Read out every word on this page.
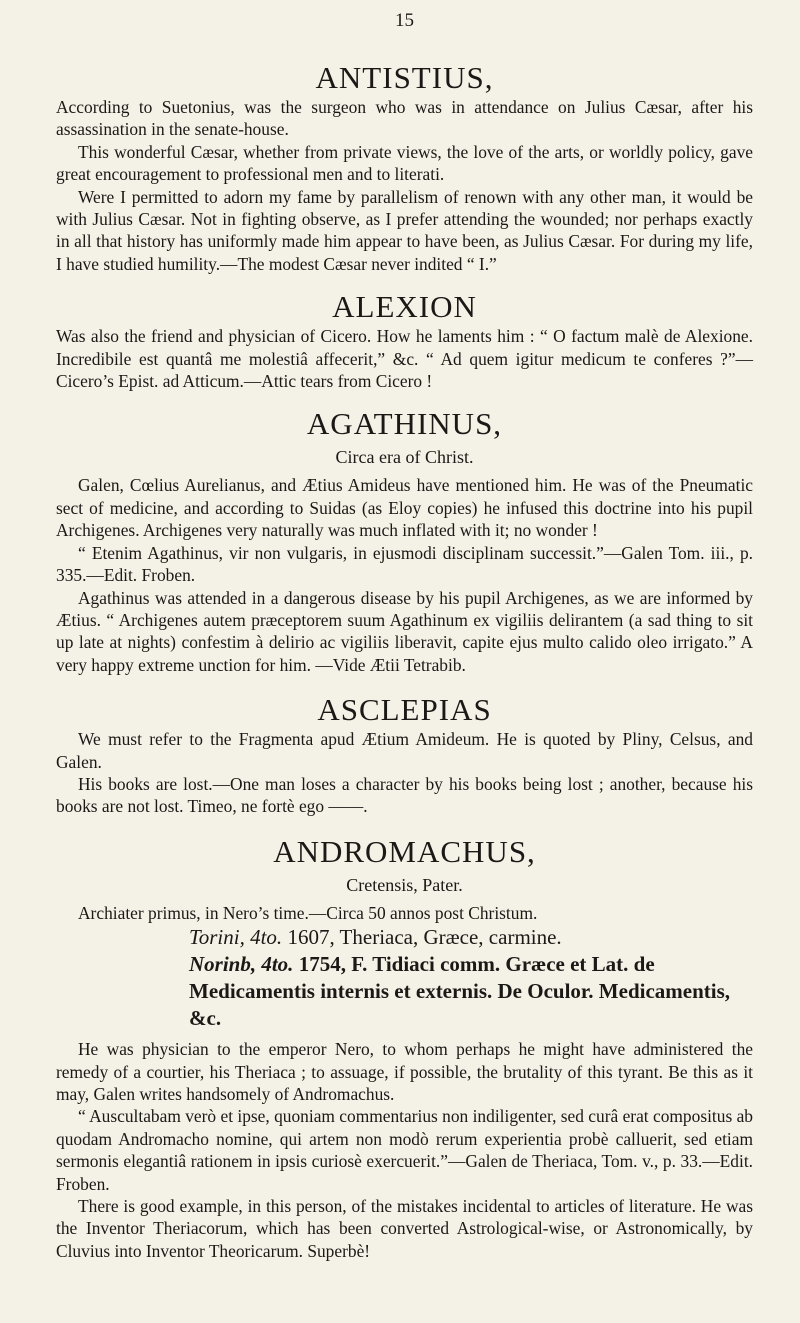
15
ANTISTIUS,

According to Suetonius, was the surgeon who was in attendance on Julius Cæsar, after his assassination in the senate-house.

This wonderful Cæsar, whether from private views, the love of the arts, or worldly policy, gave great encouragement to professional men and to literati.

Were I permitted to adorn my fame by parallelism of renown with any other man, it would be with Julius Cæsar. Not in fighting observe, as I prefer attending the wounded; nor perhaps exactly in all that history has uniformly made him appear to have been, as Julius Cæsar. For during my life, I have studied humility.—The modest Cæsar never indited “ I.”

ALEXION

Was also the friend and physician of Cicero. How he laments him : “ O factum malè de Alexione. Incredibile est quantâ me molestiâ affecerit,” &c. “ Ad quem igitur medicum te conferes ?”—Cicero’s Epist. ad Atticum.—Attic tears from Cicero !

AGATHINUS,
Circa era of Christ.

Galen, Cœlius Aurelianus, and Ætius Amideus have mentioned him. He was of the Pneumatic sect of medicine, and according to Suidas (as Eloy copies) he infused this doctrine into his pupil Archigenes. Archigenes very naturally was much inflated with it; no wonder !

“ Etenim Agathinus, vir non vulgaris, in ejusmodi disciplinam successit.”—Galen Tom. iii., p. 335.—Edit. Froben.

Agathinus was attended in a dangerous disease by his pupil Archigenes, as we are informed by Ætius. “ Archigenes autem præceptorem suum Agathinum ex vigiliis delirantem (a sad thing to sit up late at nights) confestim à delirio ac vigiliis liberavit, capite ejus multo calido oleo irrigato.” A very happy extreme unction for him. —Vide Ætii Tetrabib.

ASCLEPIAS

We must refer to the Fragmenta apud Ætium Amideum. He is quoted by Pliny, Celsus, and Galen.

His books are lost.—One man loses a character by his books being lost ; another, because his books are not lost. Timeo, ne fortè ego ——.

ANDROMACHUS,
Cretensis, Pater.

Archiater primus, in Nero’s time.—Circa 50 annos post Christum.

Torini, 4to. 1607, Theriaca, Græce, carmine.
Norinb, 4to. 1754, F. Tidiaci comm. Græce et Lat. de Medicamentis internis et externis. De Oculor. Medicamentis, &c.

He was physician to the emperor Nero, to whom perhaps he might have administered the remedy of a courtier, his Theriaca ; to assuage, if possible, the brutality of this tyrant. Be this as it may, Galen writes handsomely of Andromachus.

“ Auscultabam verò et ipse, quoniam commentarius non indiligenter, sed curâ erat compositus ab quodam Andromacho nomine, qui artem non modò rerum experientia probè calluerit, sed etiam sermonis elegantiâ rationem in ipsis curiosè exercuerit.”—Galen de Theriaca, Tom. v., p. 33.—Edit. Froben.

There is good example, in this person, of the mistakes incidental to articles of literature. He was the Inventor Theriacorum, which has been converted Astrological-wise, or Astronomically, by Cluvius into Inventor Theoricarum. Superbè!
